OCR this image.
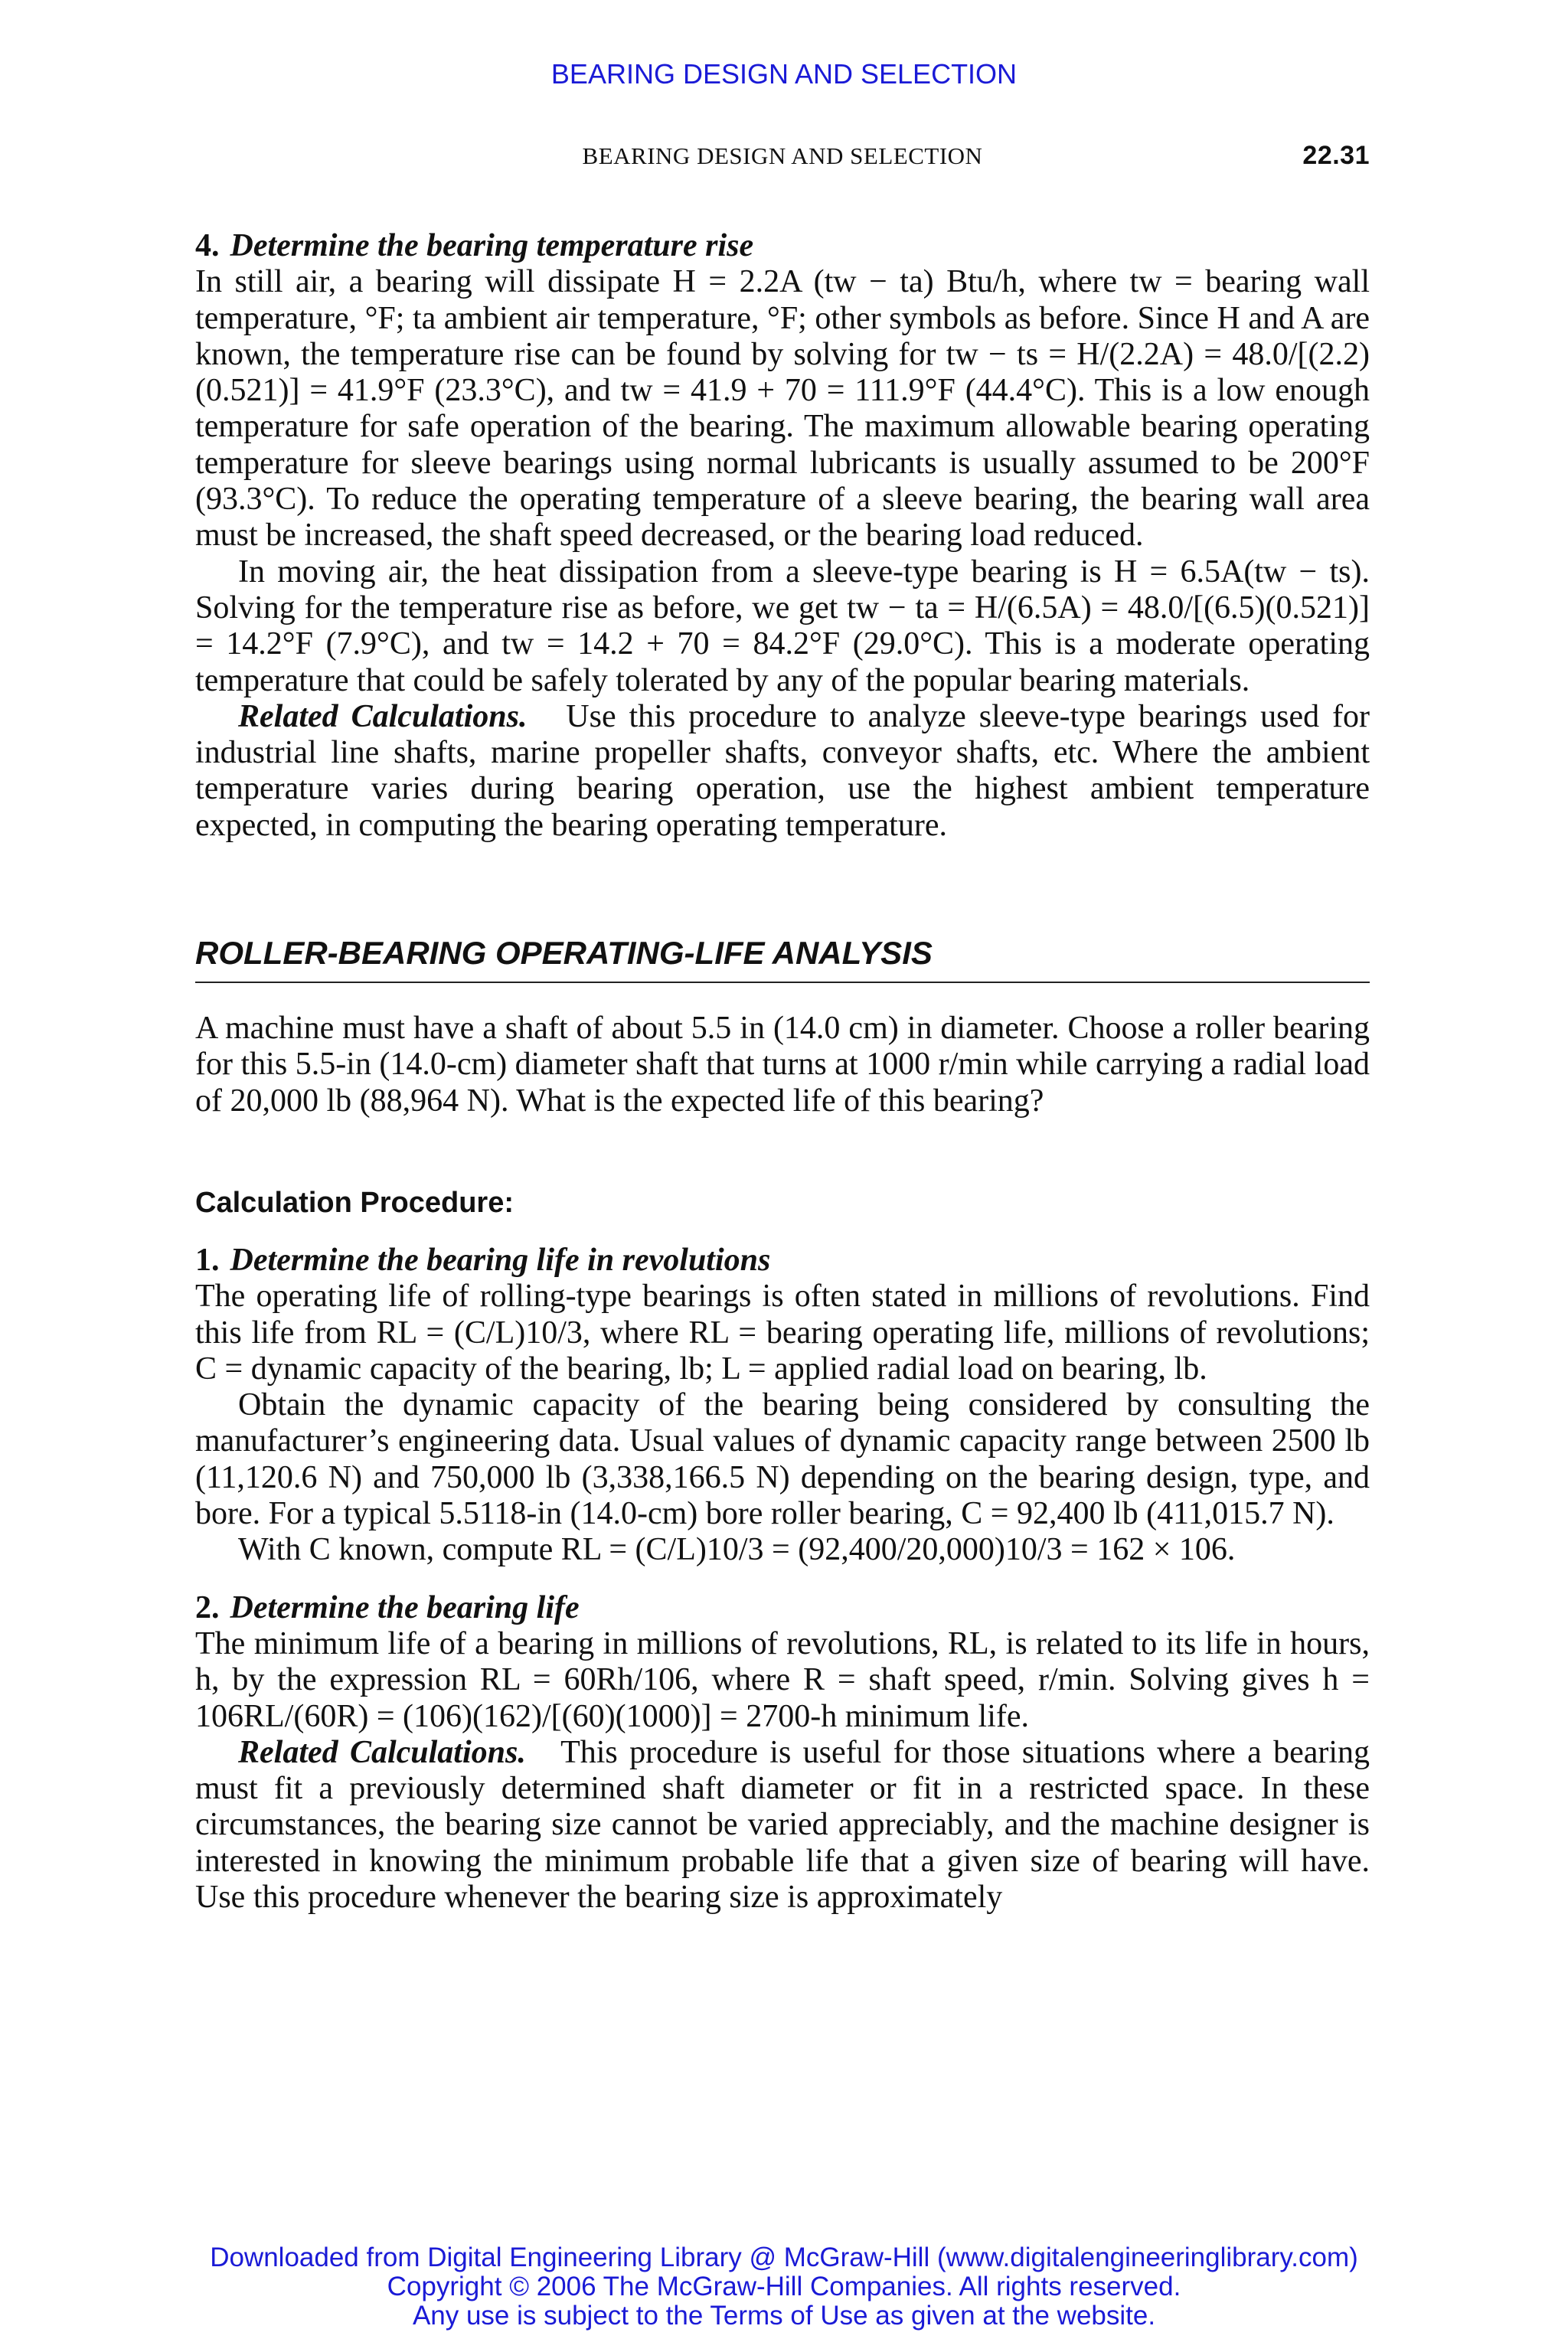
BEARING DESIGN AND SELECTION
BEARING DESIGN AND SELECTION	22.31
4. Determine the bearing temperature rise

In still air, a bearing will dissipate H = 2.2A (tw − ta) Btu/h, where tw = bearing wall temperature, °F; ta ambient air temperature, °F; other symbols as before. Since H and A are known, the temperature rise can be found by solving for tw − ts = H/(2.2A) = 48.0/[(2.2)(0.521)] = 41.9°F (23.3°C), and tw = 41.9 + 70 = 111.9°F (44.4°C). This is a low enough temperature for safe operation of the bearing. The maximum allowable bearing operating temperature for sleeve bearings using normal lubricants is usually assumed to be 200°F (93.3°C). To reduce the operating temperature of a sleeve bearing, the bearing wall area must be increased, the shaft speed decreased, or the bearing load reduced.

In moving air, the heat dissipation from a sleeve-type bearing is H = 6.5A(tw − ts). Solving for the temperature rise as before, we get tw − ta = H/(6.5A) = 48.0/[(6.5)(0.521)] = 14.2°F (7.9°C), and tw = 14.2 + 70 = 84.2°F (29.0°C). This is a moderate operating temperature that could be safely tolerated by any of the popular bearing materials.

Related Calculations. Use this procedure to analyze sleeve-type bearings used for industrial line shafts, marine propeller shafts, conveyor shafts, etc. Where the ambient temperature varies during bearing operation, use the highest ambient temperature expected, in computing the bearing operating temperature.

ROLLER-BEARING OPERATING-LIFE ANALYSIS

A machine must have a shaft of about 5.5 in (14.0 cm) in diameter. Choose a roller bearing for this 5.5-in (14.0-cm) diameter shaft that turns at 1000 r/min while carrying a radial load of 20,000 lb (88,964 N). What is the expected life of this bearing?

Calculation Procedure:
1. Determine the bearing life in revolutions

The operating life of rolling-type bearings is often stated in millions of revolutions. Find this life from RL = (C/L)10/3, where RL = bearing operating life, millions of revolutions; C = dynamic capacity of the bearing, lb; L = applied radial load on bearing, lb.

Obtain the dynamic capacity of the bearing being considered by consulting the manufacturer’s engineering data. Usual values of dynamic capacity range between 2500 lb (11,120.6 N) and 750,000 lb (3,338,166.5 N) depending on the bearing design, type, and bore. For a typical 5.5118-in (14.0-cm) bore roller bearing, C = 92,400 lb (411,015.7 N).

With C known, compute RL = (C/L)10/3 = (92,400/20,000)10/3 = 162 × 106.

2. Determine the bearing life

The minimum life of a bearing in millions of revolutions, RL, is related to its life in hours, h, by the expression RL = 60Rh/106, where R = shaft speed, r/min. Solving gives h = 106RL/(60R) = (106)(162)/[(60)(1000)] = 2700-h minimum life.

Related Calculations. This procedure is useful for those situations where a bearing must fit a previously determined shaft diameter or fit in a restricted space. In these circumstances, the bearing size cannot be varied appreciably, and the machine designer is interested in knowing the minimum probable life that a given size of bearing will have. Use this procedure whenever the bearing size is approximately

Downloaded from Digital Engineering Library @ McGraw-Hill (www.digitalengineeringlibrary.com)
Copyright © 2006 The McGraw-Hill Companies. All rights reserved.
Any use is subject to the Terms of Use as given at the website.
